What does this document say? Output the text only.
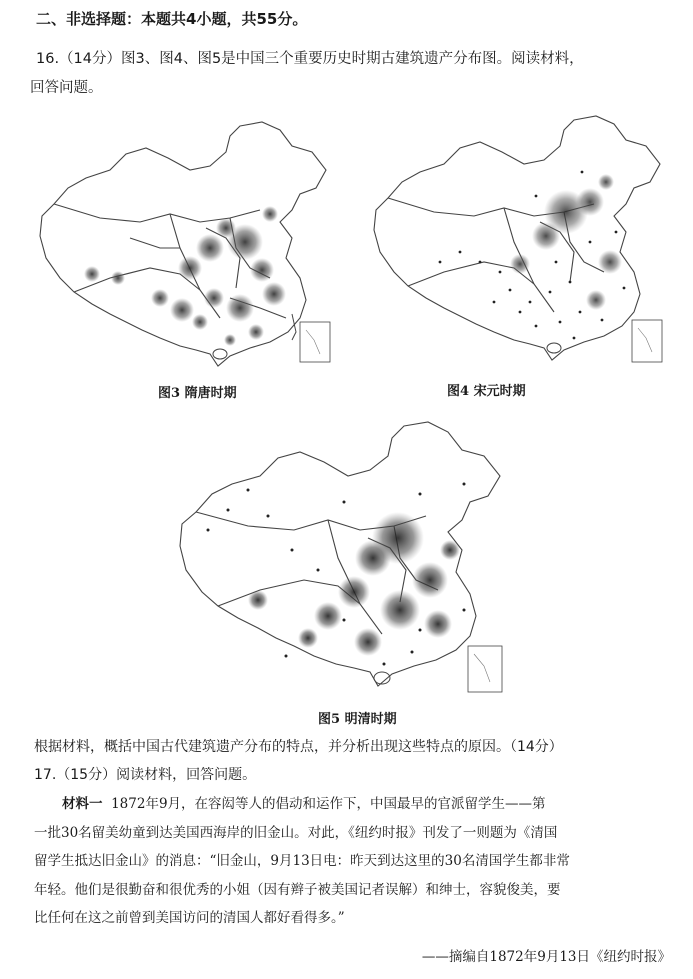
二、非选择题：本题共4小题，共55分。
16.（14分）图3、图4、图5是中国三个重要历史时期古建筑遗产分布图。阅读材料，
回答问题。
图3 隋唐时期	图4 宋元时期
图5 明清时期
根据材料，概括中国古代建筑遗产分布的特点，并分析出现这些特点的原因。（14分）
17.（15分）阅读材料，回答问题。
材料一 1872年9月，在容闳等人的倡动和运作下，中国最早的官派留学生——第
一批30名留美幼童到达美国西海岸的旧金山。对此，《纽约时报》刊发了一则题为《清国
留学生抵达旧金山》的消息：“旧金山，9月13日电：昨天到达这里的30名清国学生都非常
年轻。他们是很勤奋和很优秀的小姐（因有辫子被美国记者误解）和绅士，容貌俊美，要
比任何在这之前曾到美国访问的清国人都好看得多。”
——摘编自1872年9月13日《纽约时报》
